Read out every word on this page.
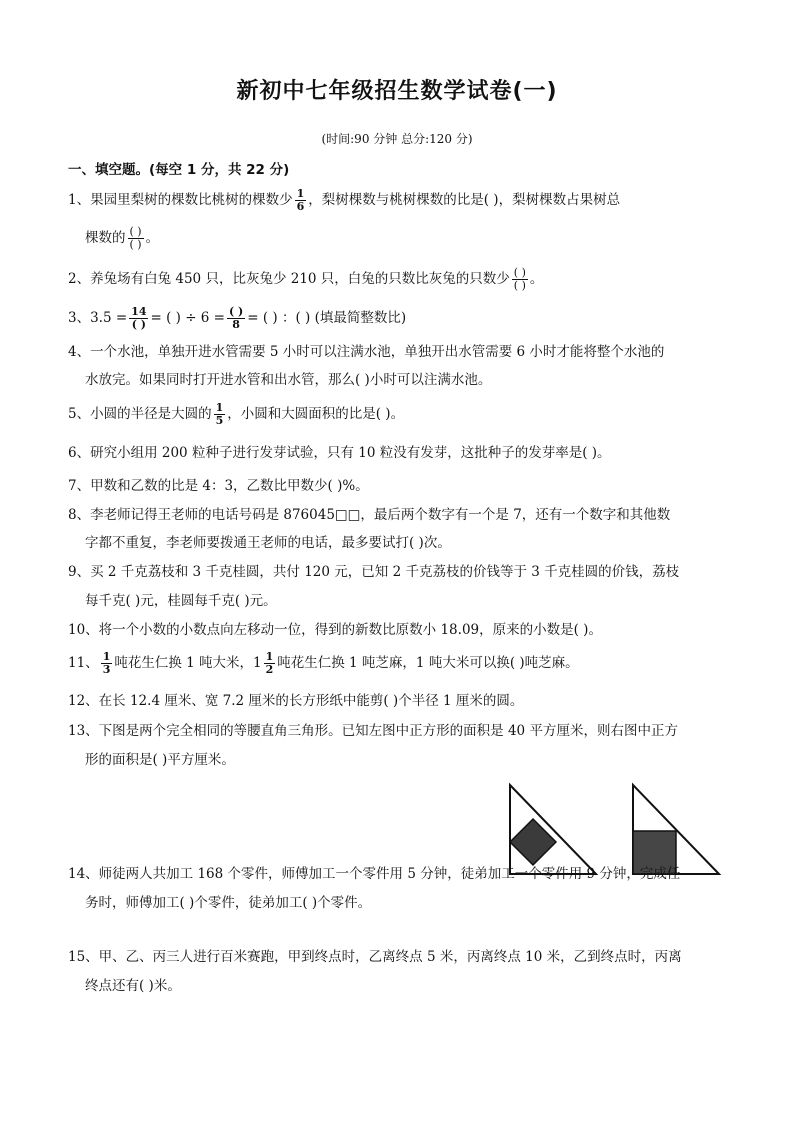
新初中七年级招生数学试卷(一)
(时间:90 分钟 总分:120 分)
一、填空题。(每空 1 分，共 22 分)
1、果园里梨树的棵数比桃树的棵数少 $\frac{1}{6}$ ，梨树棵数与桃树棵数的比是( )，梨树棵数占果树总
棵数的 $\frac{( )}{( )}$ 。
2、养兔场有白兔 450 只，比灰兔少 210 只，白兔的只数比灰兔的只数少 $\frac{( )}{( )}$ 。
3、$3.5 = \frac{14}{( )}$ = ( ) ÷ $6 = \frac{( )}{8}$ = ( ) ：( ) (填最简整数比)
4、一个水池，单独开进水管需要 5 小时可以注满水池，单独开出水管需要 6 小时才能将整个水池的
水放完。如果同时打开进水管和出水管，那么( )小时可以注满水池。
5、小圆的半径是大圆的 $\frac{1}{5}$ ，小圆和大圆面积的比是( )。
6、研究小组用 200 粒种子进行发芽试验，只有 10 粒没有发芽，这批种子的发芽率是( )。
7、甲数和乙数的比是 4：3，乙数比甲数少( )%。
8、李老师记得王老师的电话号码是 876045□□，最后两个数字有一个是 7，还有一个数字和其他数
字都不重复，李老师要拨通王老师的电话，最多要试打( )次。
9、买 2 千克荔枝和 3 千克桂圆，共付 120 元，已知 2 千克荔枝的价钱等于 3 千克桂圆的价钱，荔枝
每千克( )元，桂圆每千克( )元。
10、将一个小数的小数点向左移动一位，得到的新数比原数小 18.09，原来的小数是( )。
11、 $\frac{1}{3}$ 吨花生仁换 1 吨大米，$1 \frac{1}{2}$ 吨花生仁换 1 吨芝麻，1 吨大米可以换( )吨芝麻。
12、在长 12.4 厘米、宽 7.2 厘米的长方形纸中能剪( )个半径 1 厘米的圆。
13、下图是两个完全相同的等腰直角三角形。已知左图中正方形的面积是 40 平方厘米，则右图中正方
形的面积是( )平方厘米。
14、师徒两人共加工 168 个零件，师傅加工一个零件用 5 分钟，徒弟加工一个零件用 9 分钟，完成任
务时，师傅加工( )个零件，徒弟加工( )个零件。
15、甲、乙、丙三人进行百米赛跑，甲到终点时，乙离终点 5 米，丙离终点 10 米，乙到终点时，丙离
终点还有( )米。
